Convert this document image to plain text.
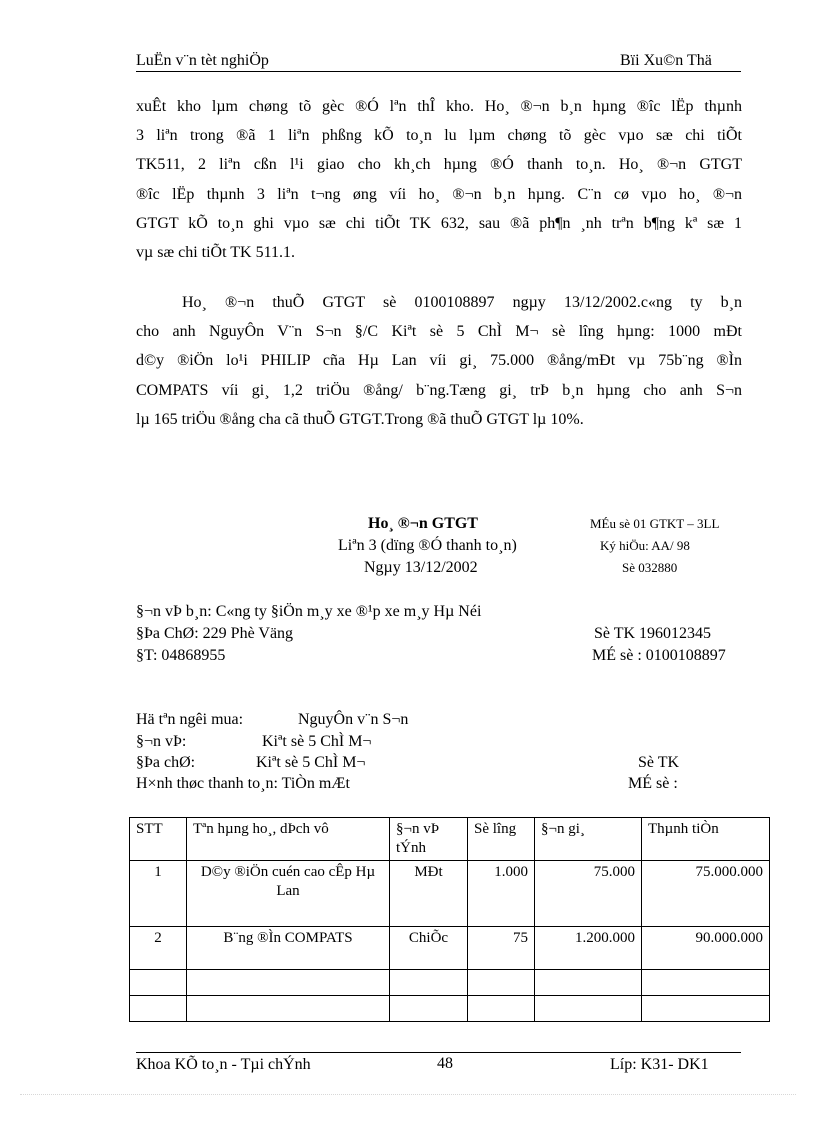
LuËn v¨n tèt nghiÖp	Bïi Xu©n Thä

xuÊt kho lµm chøng tõ gèc ®Ó lªn thÎ kho. Ho¸ ®¬n b¸n hµng ®îc lËp thµnh

3 liªn trong ®ã 1 liªn phßng kÕ to¸n lu lµm chøng tõ gèc vµo sæ chi tiÕt

TK511, 2 liªn cßn l¹i giao cho kh¸ch hµng ®Ó thanh to¸n. Ho¸ ®¬n GTGT

®îc lËp thµnh 3 liªn t¬ng øng víi ho¸ ®¬n b¸n hµng. C¨n cø vµo ho¸ ®¬n

GTGT kÕ to¸n ghi vµo sæ chi tiÕt TK 632, sau ®ã ph¶n ¸nh trªn b¶ng kª sæ 1

vµ sæ chi tiÕt TK 511.1.

Ho¸ ®¬n thuÕ GTGT sè 0100108897 ngµy 13/12/2002.c«ng ty b¸n

cho anh NguyÔn V¨n S¬n §/C Kiªt sè 5 ChÌ M¬ sè lîng hµng: 1000 mÐt

d©y ®iÖn lo¹i PHILIP cña Hµ Lan víi gi¸ 75.000 ®ång/mÐt vµ 75b¨ng ®Ìn

COMPATS víi gi¸ 1,2 triÖu ®ång/ b¨ng.Tæng gi¸ trÞ b¸n hµng cho anh S¬n

lµ 165 triÖu ®ång cha cã thuÕ GTGT.Trong ®ã thuÕ GTGT lµ 10%.

Ho¸ ®¬n GTGT
Liªn 3 (dïng ®Ó thanh to¸n)
Ngµy 13/12/2002
MÉu sè 01 GTKT – 3LL
Ký hiÖu: AA/ 98
Sè 032880
§¬n vÞ b¸n: C«ng ty §iÖn m¸y xe ®¹p xe m¸y Hµ Néi
§Þa ChØ: 229 Phè Väng	Sè TK 196012345
§T: 04868955	MÉ sè : 0100108897
Hä tªn ngêi mua:	NguyÔn v¨n S¬n
§¬n vÞ:	Kiªt sè 5 ChÌ M¬
§Þa chØ:	Kiªt sè 5 ChÌ M¬	Sè TK
H×nh thøc thanh to¸n: TiÒn mÆt	MÉ sè :
STT	Tªn hµng ho¸, dÞch vô	§¬n vÞ tÝnh	Sè lîng	§¬n gi¸	Thµnh tiÒn
1	D©y ®iÖn cuén cao cÊp Hµ Lan	MÐt	1.000	75.000	75.000.000
2	B¨ng ®Ìn COMPATS	ChiÕc	75	1.200.000	90.000.000

Khoa KÕ to¸n - Tµi chÝnh	48	Líp: K31- DK1
